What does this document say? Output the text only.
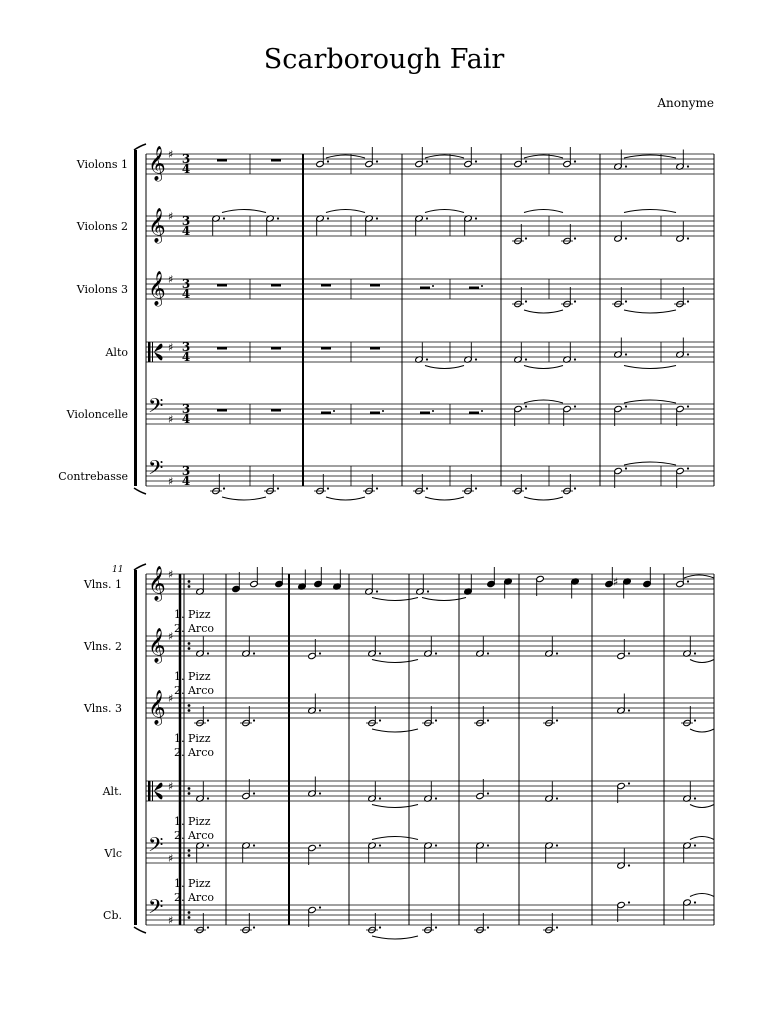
Scarborough Fair
Anonyme
Violons 1 𝄞 ♯ 3
4
Violons 2 𝄞 ♯ 3
4
Violons 3 𝄞 ♯ 3
4
Alto	♯ 3
4
Violoncelle 𝄢 ♯
3
4
Contrebasse 𝄢 ♯
3
4
11
Vlns. 1 𝄞 ♯
Vlns. 2 𝄞 ♯
Vlns. 3 𝄞 ♯
Alt.	♯
Vlc 𝄢 ♯
Cb. 𝄢 ♯
1. Pizz
2. Arco
1. Pizz
2. Arco
1. Pizz
2. Arco
1. Pizz
2. Arco
1. Pizz
2. Arco
♯
